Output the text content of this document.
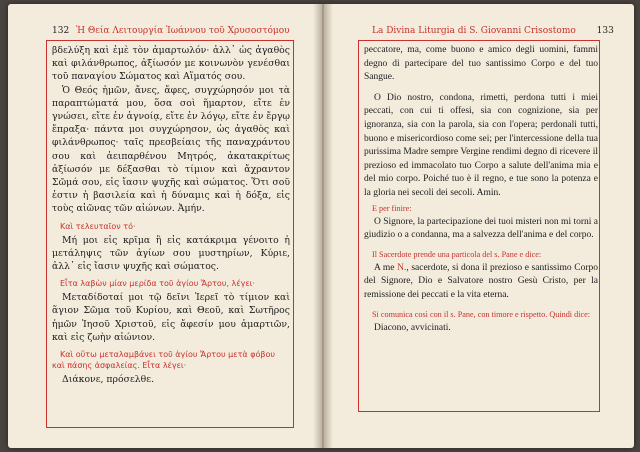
132 Ἡ Θεία Λειτουργία Ἰωάννου τοῦ Χρυσοστόμου

βδελύξη καὶ ἐμὲ τὸν ἁμαρτωλόν· ἀλλ᾿ ὡς ἀγαθὸς καὶ φιλάνθρωπος, ἀξίωσόν με κοινωνὸν γενέσθαι τοῦ παναγίου Σώματος καὶ Αἵματός σου.

Ὁ Θεός ἡμῶν, ἄνες, ἄφες, συγχώρησόν μοι τὰ παραπτώματά μου, ὅσα σοὶ ἥμαρτον, εἴτε ἐν γνώσει, εἴτε ἐν ἀγνοίᾳ, εἴτε ἐν λόγῳ, εἴτε ἐν ἔργῳ ἔπραξα· πάντα μοι συγχώρησον, ὡς ἀγαθὸς καὶ φιλάνθρωπος· ταῖς πρεσβείαις τῆς παναχράντου σου καὶ ἀειπαρθένου Μητρός, ἀκατακρίτως ἀξίωσόν με δέξασθαι τὸ τίμιον καὶ ἄχραντον Σῶμά σου, εἰς ἴασιν ψυχῆς καὶ σώματος. Ὅτι σοῦ ἐστιν ἡ βασιλεία καὶ ἡ δύναμις καὶ ἡ δόξα, εἰς τοὺς αἰῶνας τῶν αἰώνων. Ἀμήν.

Καὶ τελευταῖον τό·

Μή μοι εἰς κρῖμα ἢ εἰς κατάκριμα γένοιτο ἡ μετάληψις τῶν ἁγίων σου μυστηρίων, Κύριε, ἀλλ᾿ εἰς ἴασιν ψυχῆς καὶ σώματος.

Εἶτα λαβὼν μίαν μερίδα τοῦ ἁγίου Ἄρτου, λέγει·

Μεταδίδοταί μοι τῷ δεῖνι Ἱερεῖ τὸ τίμιον καὶ ἅγιον Σῶμα τοῦ Κυρίου, καὶ Θεοῦ, καὶ Σωτῆρος ἡμῶν Ἰησοῦ Χριστοῦ, εἰς ἄφεσίν μου ἁμαρτιῶν, καὶ εἰς ζωὴν αἰώνιον.

Καὶ οὕτω μεταλαμβάνει τοῦ ἁγίου Ἄρτου μετὰ φόβου καὶ πάσης ἀσφαλείας. Εἶτα λέγει·

Διάκονε, πρόσελθε.

La Divina Liturgia di S. Giovanni Crisostomo 133

peccatore, ma, come buono e amico degli uomini, fammi degno di partecipare del tuo santissimo Corpo e del tuo Sangue.

O Dio nostro, condona, rimetti, perdona tutti i miei peccati, con cui ti offesi, sia con cognizione, sia per ignoranza, sia con la parola, sia con l'opera; perdonali tutti, buono e misericordioso come sei; per l'intercessione della tua purissima Madre sempre Vergine rendimi degno di ricevere il prezioso ed immacolato tuo Corpo a salute dell'anima mia e del mio corpo. Poiché tuo è il regno, e tue sono la potenza e la gloria nei secoli dei secoli. Amin.

E per finire:

O Signore, la partecipazione dei tuoi misteri non mi torni a giudizio o a condanna, ma a salvezza dell'anima e del corpo.

Il Sacerdote prende una particola del s. Pane e dice:

A me N., sacerdote, si dona il prezioso e santissimo Corpo del Signore, Dio e Salvatore nostro Gesù Cristo, per la remissione dei peccati e la vita eterna.

Si comunica così con il s. Pane, con timore e rispetto. Quindi dice:

Diacono, avvicinati.
